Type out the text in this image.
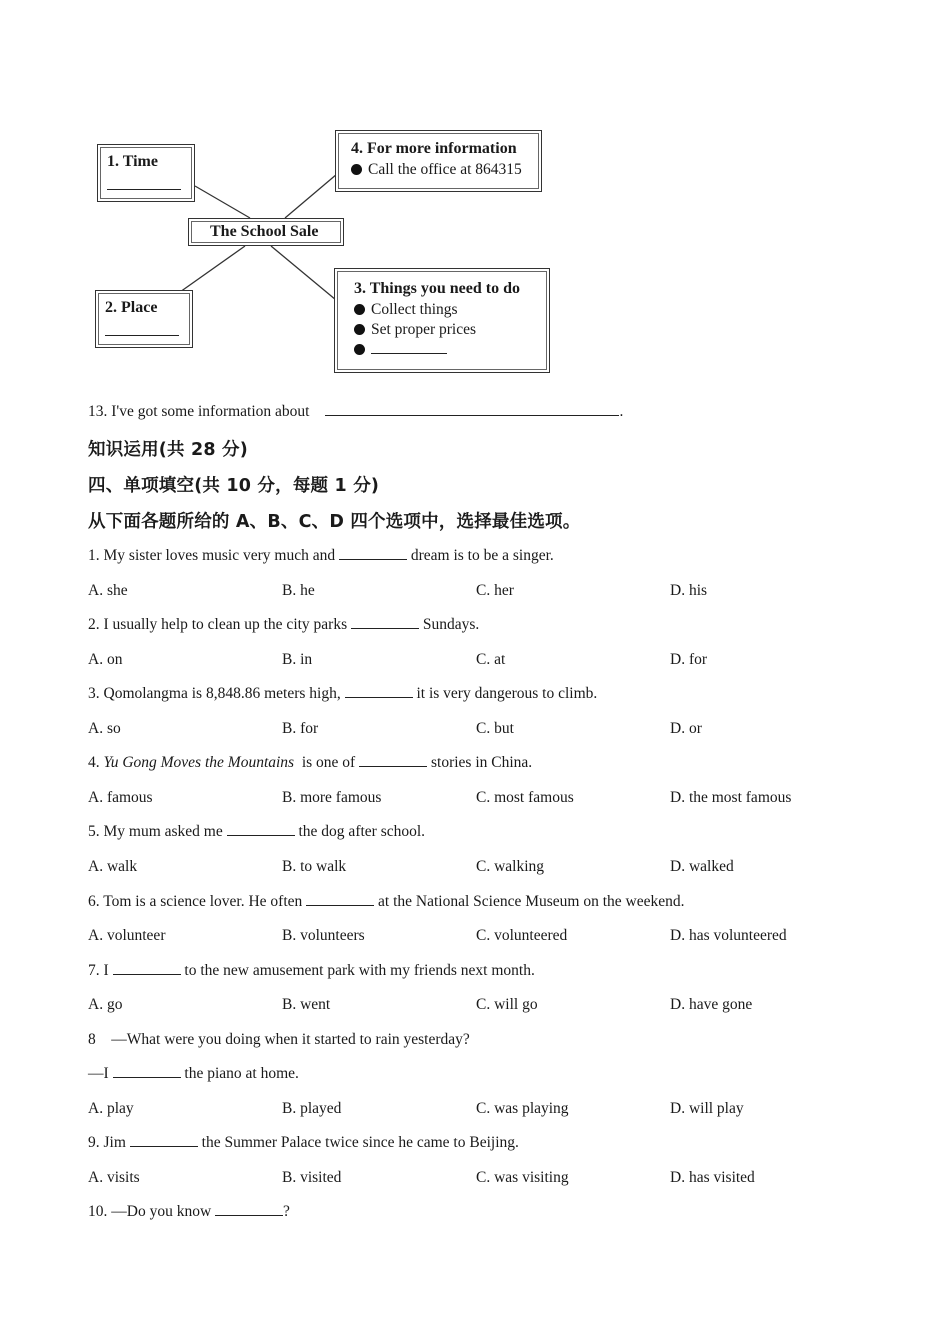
1. Time
The School Sale
4. For more information
Call the office at 864315
2. Place
3. Things you need to do
Collect things
Set proper prices
13. I've got some information about	.
知识运用(共 28 分)
四、单项填空(共 10 分，每题 1 分)
从下面各题所给的 A、B、C、D 四个选项中，选择最佳选项。
1. My sister loves music very much and	dream is to be a singer.
A. she	B. he	C. her	D. his
2. I usually help to clean up the city parks	Sundays.
A. on	B. in	C. at	D. for
3. Qomolangma is 8,848.86 meters high,	it is very dangerous to climb.
A. so	B. for	C. but	D. or
4. Yu Gong Moves the Mountains  is one of	stories in China.
A. famous	B. more famous	C. most famous	D. the most famous
5. My mum asked me	the dog after school.
A. walk	B. to walk	C. walking	D. walked
6. Tom is a science lover. He often	at the National Science Museum on the weekend.
A. volunteer	B. volunteers	C. volunteered	D. has volunteered
7. I	to the new amusement park with my friends next month.
A. go	B. went	C. will go	D. have gone
8    —What were you doing when it started to rain yesterday?
—I	the piano at home.
A. play	B. played	C. was playing	D. will play
9. Jim	the Summer Palace twice since he came to Beijing.
A. visits	B. visited	C. was visiting	D. has visited
10. —Do you know	?
